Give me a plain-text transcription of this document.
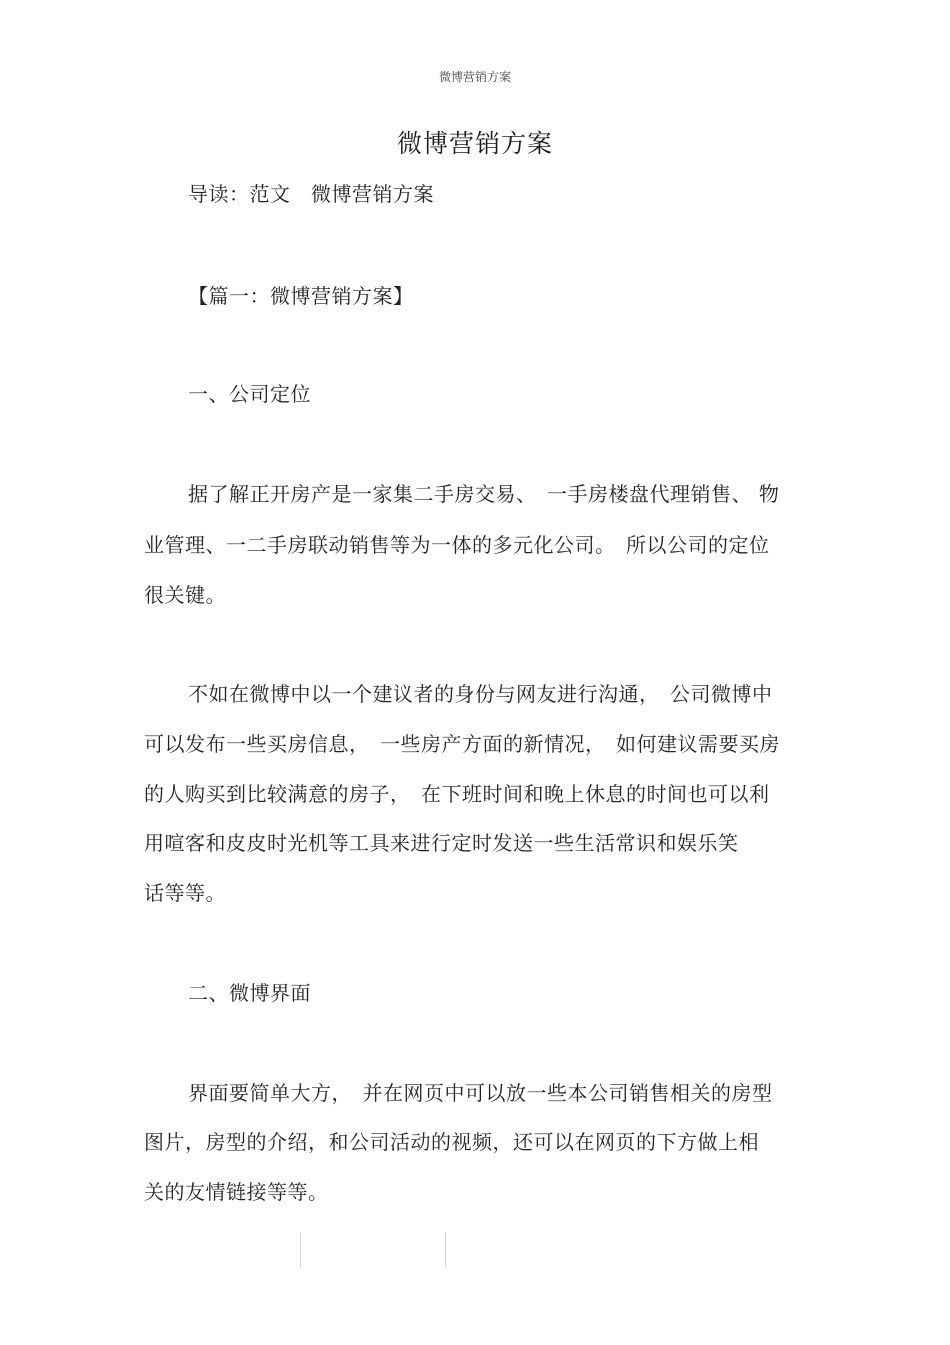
微博营销方案
微博营销方案
导读：范文　微博营销方案
【篇一：微博营销方案】
一、公司定位
据了解正开房产是一家集二手房交易、　一手房楼盘代理销售、 物
业管理、一二手房联动销售等为一体的多元化公司。　所以公司的定位
很关键。
不如在微博中以一个建议者的身份与网友进行沟通，　公司微博中
可以发布一些买房信息，　一些房产方面的新情况，　如何建议需要买房
的人购买到比较满意的房子，　在下班时间和晚上休息的时间也可以利
用喧客和皮皮时光机等工具来进行定时发送一些生活常识和娱乐笑
话等等。
二、微博界面
界面要简单大方，　并在网页中可以放一些本公司销售相关的房型
图片，房型的介绍，和公司活动的视频，还可以在网页的下方做上相
关的友情链接等等。
